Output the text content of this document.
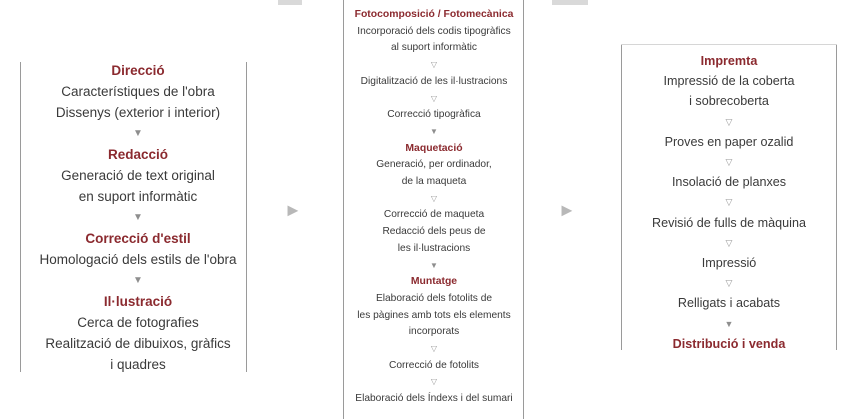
►	►
Direcció
Característiques de l'obra
Dissenys (exterior i interior)
▼
Redacció
Generació de text original
en suport informàtic
▼
Correcció d'estil
Homologació dels estils de l'obra
▼
Il·lustració
Cerca de fotografies
Realització de dibuixos, gràfics
i quadres
Fotocomposició / Fotomecànica
Incorporació dels codis tipogràfics
al suport informàtic
▽
Digitalització de les il·lustracions
▽
Correcció tipogràfica
▼
Maquetació
Generació, per ordinador,
de la maqueta
▽
Correcció de maqueta
Redacció dels peus de
les il·lustracions
▼
Muntatge
Elaboració dels fotolits de
les pàgines amb tots els elements
incorporats
▽
Correcció de fotolits
▽
Elaboració dels Índexs i del sumari
Impremta
Impressió de la coberta
i sobrecoberta
▽
Proves en paper ozalid
▽
Insolació de planxes
▽
Revisió de fulls de màquina
▽
Impressió
▽
Relligats i acabats
▼
Distribució i venda
